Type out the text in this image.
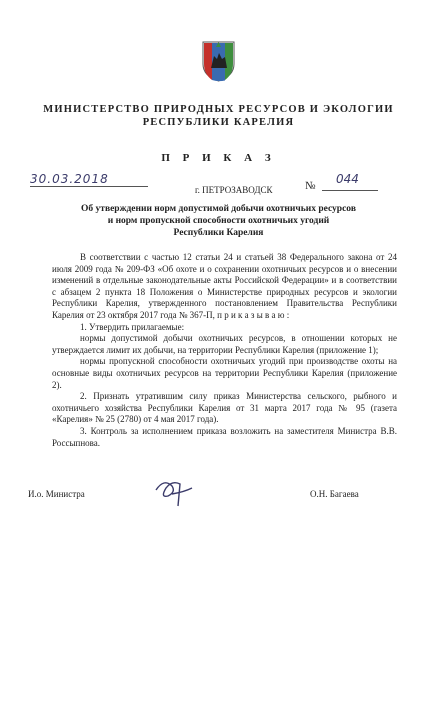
МИНИСТЕРСТВО ПРИРОДНЫХ РЕСУРСОВ И ЭКОЛОГИИ
РЕСПУБЛИКИ КАРЕЛИЯ
П Р И К А З
30.03.2018
г. ПЕТРОЗАВОДСК	№ 044
Об утверждении норм допустимой добычи охотничьих ресурсов
и норм пропускной способности охотничьих угодий
Республики Карелия

В соответствии с частью 12 статьи 24 и статьей 38 Федерального закона от 24 июля 2009 года № 209-ФЗ «Об охоте и о сохранении охотничьих ресурсов и о внесении изменений в отдельные законодательные акты Российской Федерации» и в соответствии с абзацем 2 пункта 18 Положения о Министерстве природных ресурсов и экологии Республики Карелия, утвержденного постановлением Правительства Республики Карелия от 23 октября 2017 года № 367-П, п р и к а з ы в а ю :

1. Утвердить прилагаемые:

нормы допустимой добычи охотничьих ресурсов, в отношении которых не утверждается лимит их добычи, на территории Республики Карелия (приложение 1);

нормы пропускной способности охотничьих угодий при производстве охоты на основные виды охотничьих ресурсов на территории Республики Карелия (приложение 2).

2. Признать утратившим силу приказ Министерства сельского, рыбного и охотничьего хозяйства Республики Карелия от 31 марта 2017 года № 95 (газета «Карелия» № 25 (2780) от 4 мая 2017 года).

3. Контроль за исполнением приказа возложить на заместителя Министра В.В. Россыпнова.

И.о. Министра	О.Н. Багаева
